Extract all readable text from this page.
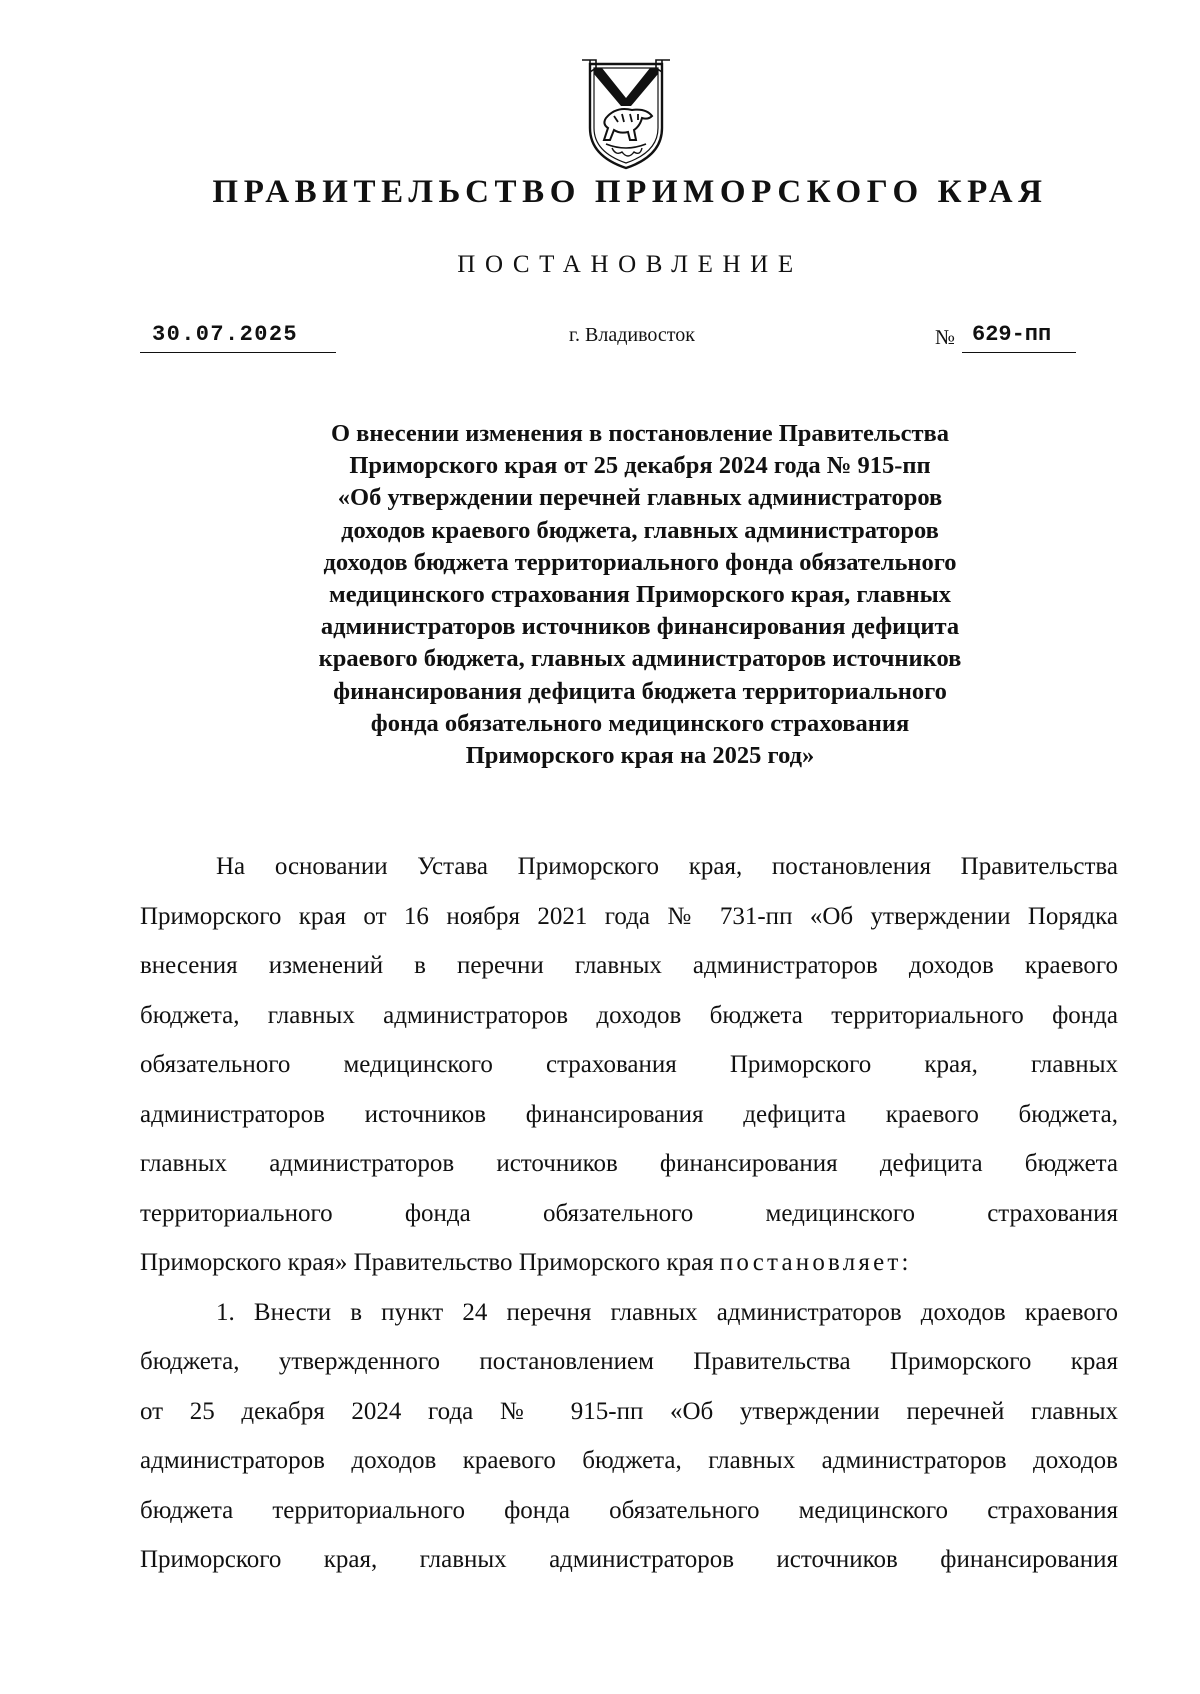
ПРАВИТЕЛЬСТВО ПРИМОРСКОГО КРАЯ
ПОСТАНОВЛЕНИЕ
30.07.2025	г. Владивосток	№ 629-пп
О внесении изменения в постановление Правительства
Приморского края от 25 декабря 2024 года № 915-пп
«Об утверждении перечней главных администраторов
доходов краевого бюджета, главных администраторов
доходов бюджета территориального фонда обязательного
медицинского страхования Приморского края, главных
администраторов источников финансирования дефицита
краевого бюджета, главных администраторов источников
финансирования дефицита бюджета территориального
фонда обязательного медицинского страхования
Приморского края на 2025 год»
На основании Устава Приморского края, постановления Правительства
Приморского края от 16 ноября 2021 года № 731-пп «Об утверждении Порядка
внесения изменений в перечни главных администраторов доходов краевого
бюджета, главных администраторов доходов бюджета территориального фонда
обязательного медицинского страхования Приморского края, главных
администраторов источников финансирования дефицита краевого бюджета,
главных администраторов источников финансирования дефицита бюджета
территориального фонда обязательного медицинского страхования
Приморского края» Правительство Приморского края постановляет:
1. Внести в пункт 24 перечня главных администраторов доходов краевого
бюджета, утвержденного постановлением Правительства Приморского края
от 25 декабря 2024 года № 915-пп «Об утверждении перечней главных
администраторов доходов краевого бюджета, главных администраторов доходов
бюджета территориального фонда обязательного медицинского страхования
Приморского края, главных администраторов источников финансирования
